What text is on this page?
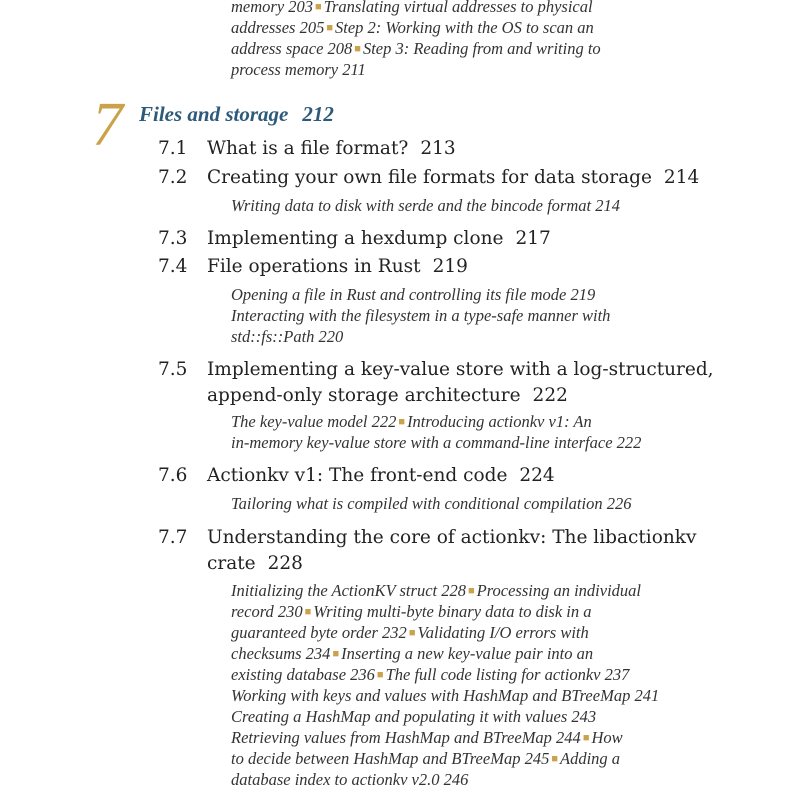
memory 203 ■ Translating virtual addresses to physical
addresses 205 ■ Step 2: Working with the OS to scan an
address space 208 ■ Step 3: Reading from and writing to
process memory 211
7 Files and storage 212
7.1 What is a file format? 213
7.2 Creating your own file formats for data storage 214
Writing data to disk with serde and the bincode format 214
7.3 Implementing a hexdump clone 217
7.4 File operations in Rust 219
Opening a file in Rust and controlling its file mode 219
Interacting with the filesystem in a type-safe manner with
std::fs::Path 220
7.5 Implementing a key-value store with a log-structured,
append-only storage architecture 222
The key-value model 222 ■ Introducing actionkv v1: An
in-memory key-value store with a command-line interface 222
7.6 Actionkv v1: The front-end code 224
Tailoring what is compiled with conditional compilation 226
7.7 Understanding the core of actionkv: The libactionkv
crate 228
Initializing the ActionKV struct 228 ■ Processing an individual
record 230 ■ Writing multi-byte binary data to disk in a
guaranteed byte order 232 ■ Validating I/O errors with
checksums 234 ■ Inserting a new key-value pair into an
existing database 236 ■ The full code listing for actionkv 237
Working with keys and values with HashMap and BTreeMap 241
Creating a HashMap and populating it with values 243
Retrieving values from HashMap and BTreeMap 244 ■ How
to decide between HashMap and BTreeMap 245 ■ Adding a
database index to actionkv v2.0 246
